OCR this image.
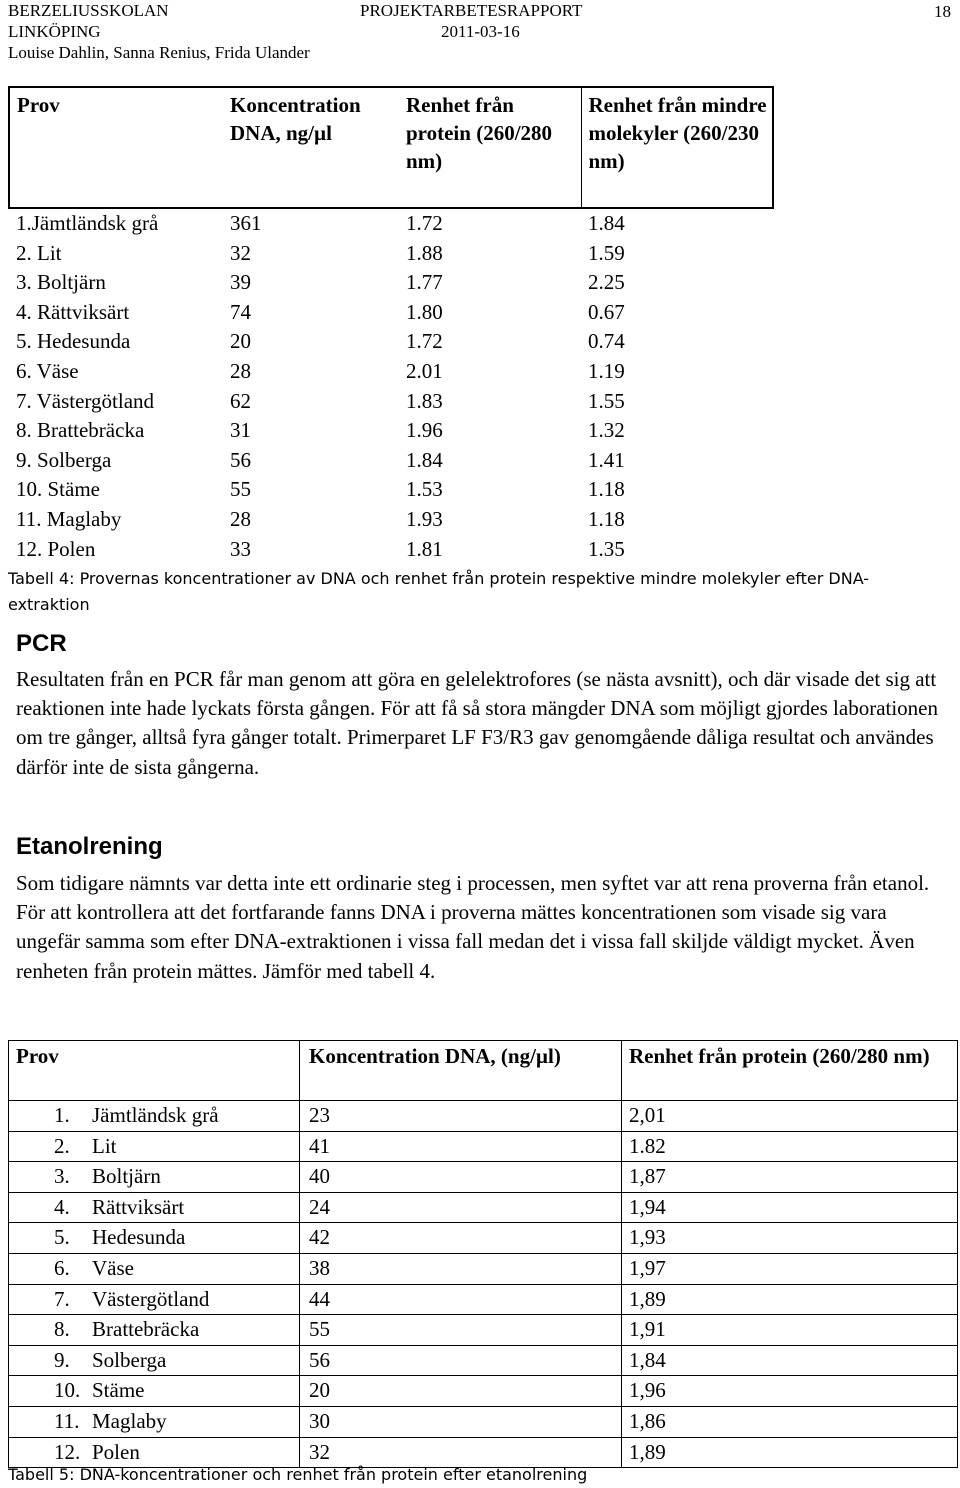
BERZELIUSSKOLAN
LINKÖPING
Louise Dahlin, Sanna Renius, Frida Ulander
PROJEKTARBETESRAPPORT
2011-03-16
18
Prov	Koncentration DNA, ng/µl	Renhet från protein (260/280 nm)	Renhet från mindre molekyler (260/230 nm)
1.Jämtländsk grå	361	1.72	1.84
2. Lit	32	1.88	1.59
3. Boltjärn	39	1.77	2.25
4. Rättviksärt	74	1.80	0.67
5. Hedesunda	20	1.72	0.74
6. Väse	28	2.01	1.19
7. Västergötland	62	1.83	1.55
8. Brattebräcka	31	1.96	1.32
9. Solberga	56	1.84	1.41
10. Stäme	55	1.53	1.18
11. Maglaby	28	1.93	1.18
12. Polen	33	1.81	1.35
Tabell 4: Provernas koncentrationer av DNA och renhet från protein respektive mindre molekyler efter DNA-extraktion
PCR

Resultaten från en PCR får man genom att göra en gelelektrofores (se nästa avsnitt), och där visade det sig att reaktionen inte hade lyckats första gången. För att få så stora mängder DNA som möjligt gjordes laborationen om tre gånger, alltså fyra gånger totalt. Primerparet LF F3/R3 gav genomgående dåliga resultat och användes därför inte de sista gångerna.

Etanolrening

Som tidigare nämnts var detta inte ett ordinarie steg i processen, men syftet var att rena proverna från etanol. För att kontrollera att det fortfarande fanns DNA i proverna mättes koncentrationen som visade sig vara ungefär samma som efter DNA-extraktionen i vissa fall medan det i vissa fall skiljde väldigt mycket. Även renheten från protein mättes. Jämför med tabell 4.

Prov	Koncentration DNA, (ng/µl)	Renhet från protein (260/280 nm)
1. Jämtländsk grå	23	2,01
2. Lit	41	1.82
3. Boltjärn	40	1,87
4. Rättviksärt	24	1,94
5. Hedesunda	42	1,93
6. Väse	38	1,97
7. Västergötland	44	1,89
8. Brattebräcka	55	1,91
9. Solberga	56	1,84
10. Stäme	20	1,96
11. Maglaby	30	1,86
12. Polen	32	1,89
Tabell 5: DNA-koncentrationer och renhet från protein efter etanolrening
